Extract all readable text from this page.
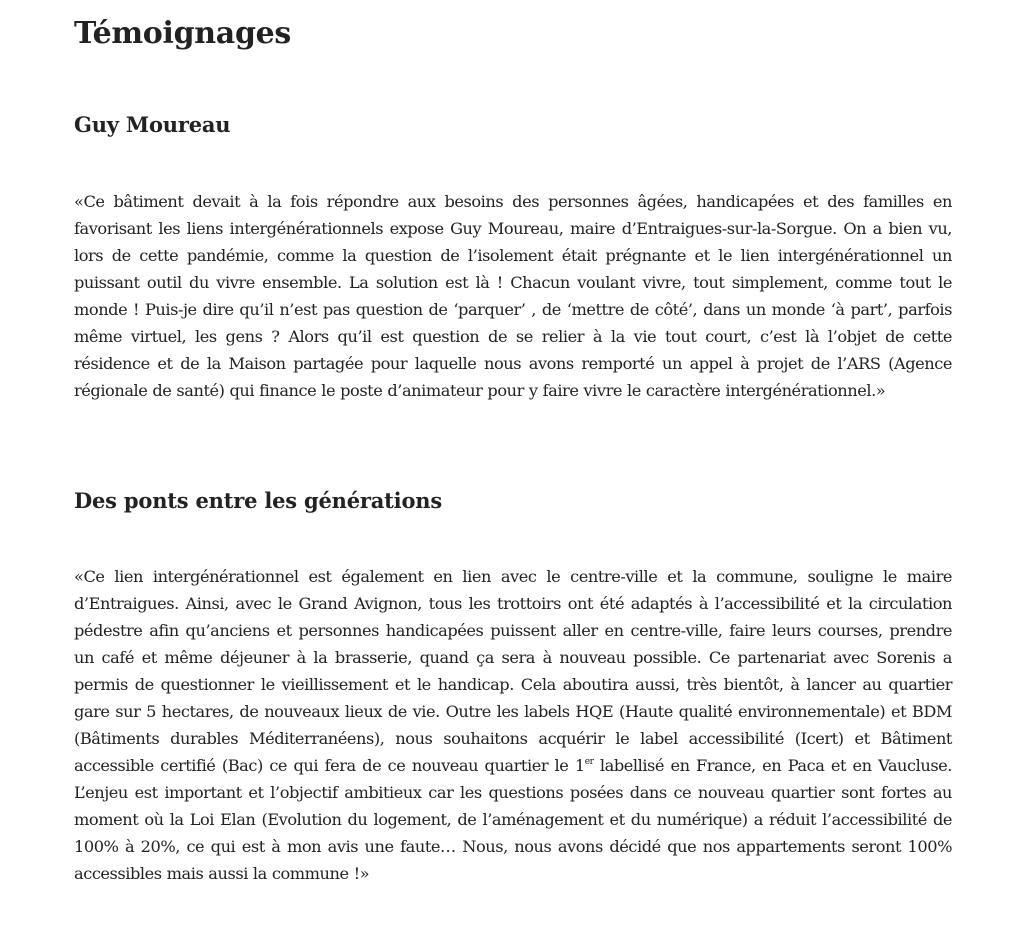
Témoignages
Guy Moureau

«Ce bâtiment devait à la fois répondre aux besoins des personnes âgées, handicapées et des familles en favorisant les liens intergénérationnels expose Guy Moureau, maire d’Entraigues-sur-la-Sorgue. On a bien vu, lors de cette pandémie, comme la question de l’isolement était prégnante et le lien intergénérationnel un puissant outil du vivre ensemble. La solution est là ! Chacun voulant vivre, tout simplement, comme tout le monde ! Puis-je dire qu’il n’est pas question de ‘parquer’ , de ‘mettre de côté’, dans un monde ‘à part’, parfois même virtuel, les gens ? Alors qu’il est question de se relier à la vie tout court, c’est là l’objet de cette résidence et de la Maison partagée pour laquelle nous avons remporté un appel à projet de l’ARS (Agence régionale de santé) qui finance le poste d’animateur pour y faire vivre le caractère intergénérationnel.»

Des ponts entre les générations

«Ce lien intergénérationnel est également en lien avec le centre-ville et la commune, souligne le maire d’Entraigues. Ainsi, avec le Grand Avignon, tous les trottoirs ont été adaptés à l’accessibilité et la circulation pédestre afin qu’anciens et personnes handicapées puissent aller en centre-ville, faire leurs courses, prendre un café et même déjeuner à la brasserie, quand ça sera à nouveau possible. Ce partenariat avec Sorenis a permis de questionner le vieillissement et le handicap. Cela aboutira aussi, très bientôt, à lancer au quartier gare sur 5 hectares, de nouveaux lieux de vie. Outre les labels HQE (Haute qualité environnementale) et BDM (Bâtiments durables Méditerranéens), nous souhaitons acquérir le label accessibilité (Icert) et Bâtiment accessible certifié (Bac) ce qui fera de ce nouveau quartier le 1er labellisé en France, en Paca et en Vaucluse. L’enjeu est important et l’objectif ambitieux car les questions posées dans ce nouveau quartier sont fortes au moment où la Loi Elan (Evolution du logement, de l’aménagement et du numérique) a réduit l’accessibilité de 100% à 20%, ce qui est à mon avis une faute… Nous, nous avons décidé que nos appartements seront 100% accessibles mais aussi la commune !»
